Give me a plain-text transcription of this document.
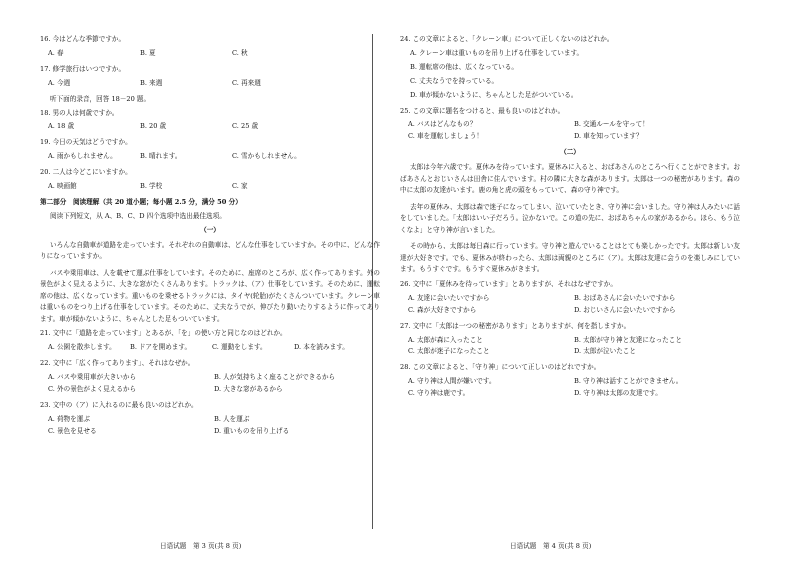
16. 今はどんな季節ですか。
A. 春	B. 夏	C. 秋
17. 修学旅行はいつですか。
A. 今週	B. 来週	C. 再来週
听下面的录音，回答 18－20 题。
18. 男の人は何歳ですか。
A. 18 歳	B. 20 歳	C. 25 歳
19. 今日の天気はどうですか。
A. 雨かもしれません。	B. 晴れます。	C. 雪かもしれません。
20. 二人は今どこにいますか。
A. 映画館	B. 学校	C. 家
第二部分　阅读理解（共 20 道小题；每小题 2.5 分，满分 50 分）
阅读下列短文，从 A、B、C、D 四个选项中选出最佳选项。
（一）
いろんな自動車が道路を走っています。それぞれの自動車は、どんな仕事をしていますか。その中に、どんな作りになっていますか。
バスや乗用車は、人を載せて運ぶ仕事をしています。そのために、座席のところが、広く作ってあります。外の景色がよく見えるように、大きな窓がたくさんあります。トラックは、（ア）仕事をしています。そのために、運転席の他は、広くなっています。重いものを乗せるトラックには、タイヤ(轮胎)がたくさんついています。クレーン車は重いものをつり上げる仕事をしています。そのために、丈夫なうでが、伸びたり動いたりするように作ってあります。車が傾かないように、ちゃんとした足もついています。
21. 文中に「道路を走っています」とあるが、「を」の使い方と同じなのはどれか。
A. 公園を散歩します。	B. ドアを開めます。	C. 運動をします。	D. 本を読みます。
22. 文中に「広く作ってあります」、それはなぜか。
A. バスや乗用車が大きいから	B. 人が気持ちよく座ることができるから
C. 外の景色がよく見えるから	D. 大きな窓があるから
23. 文中の（ア）に入れるのに最も良いのはどれか。
A. 荷物を運ぶ	B. 人を運ぶ
C. 景色を見せる	D. 重いものを吊り上げる
24. この文章によると、「クレーン車」について正しくないのはどれか。
A. クレーン車は重いものを吊り上げる仕事をしています。
B. 運転席の他は、広くなっている。
C. 丈夫なうでを持っている。
D. 車が傾かないように、ちゃんとした足がついている。
25. この文章に題名をつけると、最も良いのはどれか。
A. バスはどんなもの？	B. 交通ルールを守って！
C. 車を運転しましょう！	D. 車を知っています？
（二）
太郎は今年六歳です。夏休みを待っています。夏休みに入ると、おばあさんのところへ行くことができます。おばあさんとおじいさんは田舎に住んでいます。村の隣に大きな森があります。太郎は一つの秘密があります。森の中に太郎の友達がいます。鹿の角と虎の頭をもっていて、森の守り神です。
去年の夏休み、太郎は森で迷子になってしまい、泣いていたとき、守り神に会いました。守り神は人みたいに話をしていました。「太郎はいい子だろう。泣かないで。この道の先に、おばあちゃんの家があるから。ほら、もう泣くなよ」と守り神が言いました。
その時から、太郎は毎日森に行っています。守り神と遊んでいることはとても楽しかったです。太郎は新しい友達が大好きです。でも、夏休みが終わったら、太郎は両親のところに（ア）。太郎は友達に会うのを楽しみにしています。もうすぐです。もうすぐ夏休みがきます。
26. 文中に「夏休みを待っています」とありますが、それはなぜですか。
A. 友達に会いたいですから	B. おばあさんに会いたいですから
C. 森が大好きですから	D. おじいさんに会いたいですから
27. 文中に「太郎は一つの秘密があります」とありますが、何を指しますか。
A. 太郎が森に入ったこと	B. 太郎が守り神と友達になったこと
C. 太郎が迷子になったこと	D. 太郎が泣いたこと
28. この文章によると、「守り神」について正しいのはどれですか。
A. 守り神は人間が嫌いです。	B. 守り神は話すことができません。
C. 守り神は鹿です。	D. 守り神は太郎の友達です。
日语试题　第 3 页(共 8 页)	日语试题　第 4 页(共 8 页)
